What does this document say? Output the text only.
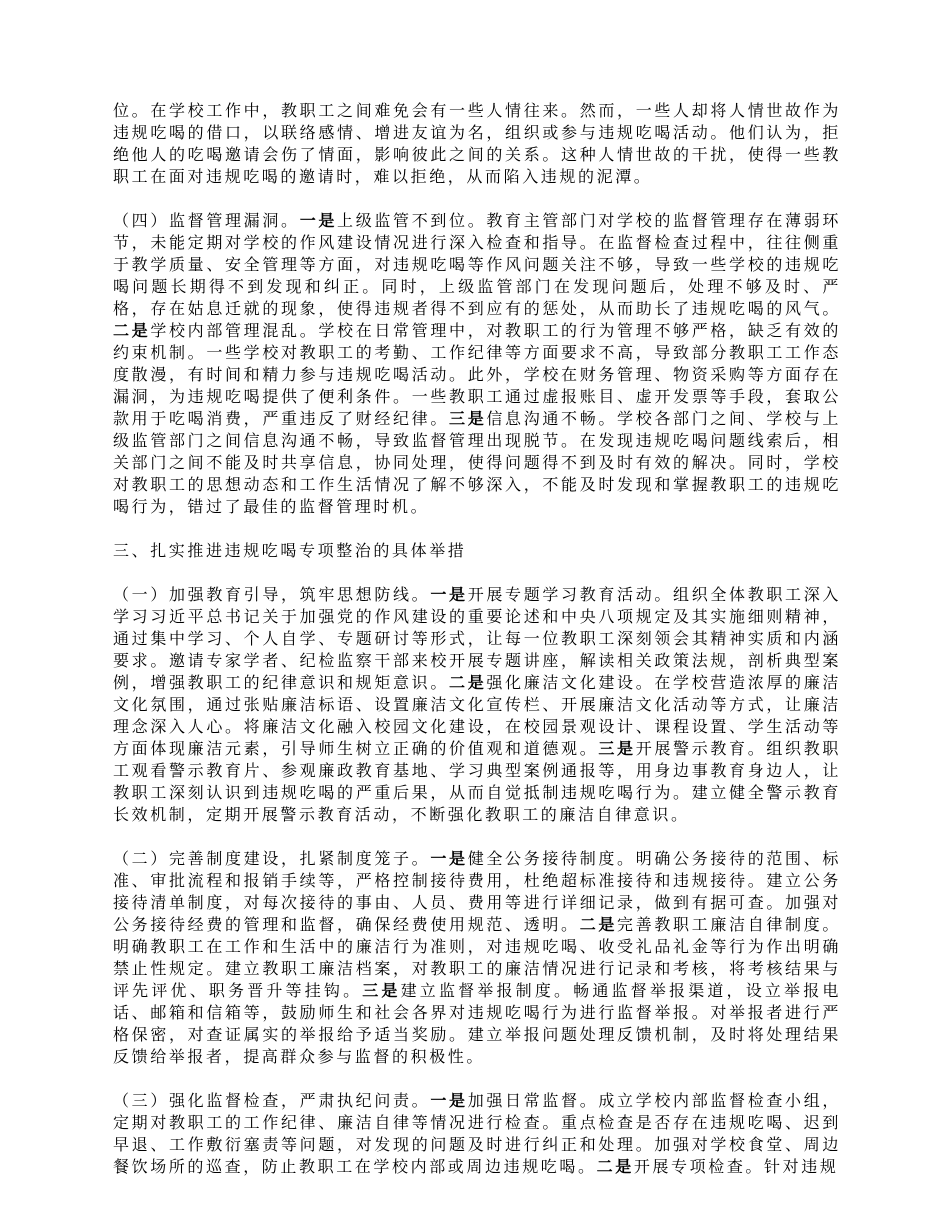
位。在学校工作中，教职工之间难免会有一些人情往来。然而，一些人却将人情世故作为违规吃喝的借口，以联络感情、增进友谊为名，组织或参与违规吃喝活动。他们认为，拒绝他人的吃喝邀请会伤了情面，影响彼此之间的关系。这种人情世故的干扰，使得一些教职工在面对违规吃喝的邀请时，难以拒绝，从而陷入违规的泥潭。

（四）监督管理漏洞。一是上级监管不到位。教育主管部门对学校的监督管理存在薄弱环节，未能定期对学校的作风建设情况进行深入检查和指导。在监督检查过程中，往往侧重于教学质量、安全管理等方面，对违规吃喝等作风问题关注不够，导致一些学校的违规吃喝问题长期得不到发现和纠正。同时，上级监管部门在发现问题后，处理不够及时、严格，存在姑息迁就的现象，使得违规者得不到应有的惩处，从而助长了违规吃喝的风气。二是学校内部管理混乱。学校在日常管理中，对教职工的行为管理不够严格，缺乏有效的约束机制。一些学校对教职工的考勤、工作纪律等方面要求不高，导致部分教职工工作态度散漫，有时间和精力参与违规吃喝活动。此外，学校在财务管理、物资采购等方面存在漏洞，为违规吃喝提供了便利条件。一些教职工通过虚报账目、虚开发票等手段，套取公款用于吃喝消费，严重违反了财经纪律。三是信息沟通不畅。学校各部门之间、学校与上级监管部门之间信息沟通不畅，导致监督管理出现脱节。在发现违规吃喝问题线索后，相关部门之间不能及时共享信息，协同处理，使得问题得不到及时有效的解决。同时，学校对教职工的思想动态和工作生活情况了解不够深入，不能及时发现和掌握教职工的违规吃喝行为，错过了最佳的监督管理时机。

三、扎实推进违规吃喝专项整治的具体举措

（一）加强教育引导，筑牢思想防线。一是开展专题学习教育活动。组织全体教职工深入学习习近平总书记关于加强党的作风建设的重要论述和中央八项规定及其实施细则精神，通过集中学习、个人自学、专题研讨等形式，让每一位教职工深刻领会其精神实质和内涵要求。邀请专家学者、纪检监察干部来校开展专题讲座，解读相关政策法规，剖析典型案例，增强教职工的纪律意识和规矩意识。二是强化廉洁文化建设。在学校营造浓厚的廉洁文化氛围，通过张贴廉洁标语、设置廉洁文化宣传栏、开展廉洁文化活动等方式，让廉洁理念深入人心。将廉洁文化融入校园文化建设，在校园景观设计、课程设置、学生活动等方面体现廉洁元素，引导师生树立正确的价值观和道德观。三是开展警示教育。组织教职工观看警示教育片、参观廉政教育基地、学习典型案例通报等，用身边事教育身边人，让教职工深刻认识到违规吃喝的严重后果，从而自觉抵制违规吃喝行为。建立健全警示教育长效机制，定期开展警示教育活动，不断强化教职工的廉洁自律意识。

（二）完善制度建设，扎紧制度笼子。一是健全公务接待制度。明确公务接待的范围、标准、审批流程和报销手续等，严格控制接待费用，杜绝超标准接待和违规接待。建立公务接待清单制度，对每次接待的事由、人员、费用等进行详细记录，做到有据可查。加强对公务接待经费的管理和监督，确保经费使用规范、透明。二是完善教职工廉洁自律制度。明确教职工在工作和生活中的廉洁行为准则，对违规吃喝、收受礼品礼金等行为作出明确禁止性规定。建立教职工廉洁档案，对教职工的廉洁情况进行记录和考核，将考核结果与评先评优、职务晋升等挂钩。三是建立监督举报制度。畅通监督举报渠道，设立举报电话、邮箱和信箱等，鼓励师生和社会各界对违规吃喝行为进行监督举报。对举报者进行严格保密，对查证属实的举报给予适当奖励。建立举报问题处理反馈机制，及时将处理结果反馈给举报者，提高群众参与监督的积极性。

（三）强化监督检查，严肃执纪问责。一是加强日常监督。成立学校内部监督检查小组，定期对教职工的工作纪律、廉洁自律等情况进行检查。重点检查是否存在违规吃喝、迟到早退、工作敷衍塞责等问题，对发现的问题及时进行纠正和处理。加强对学校食堂、周边餐饮场所的巡查，防止教职工在学校内部或周边违规吃喝。二是开展专项检查。针对违规
